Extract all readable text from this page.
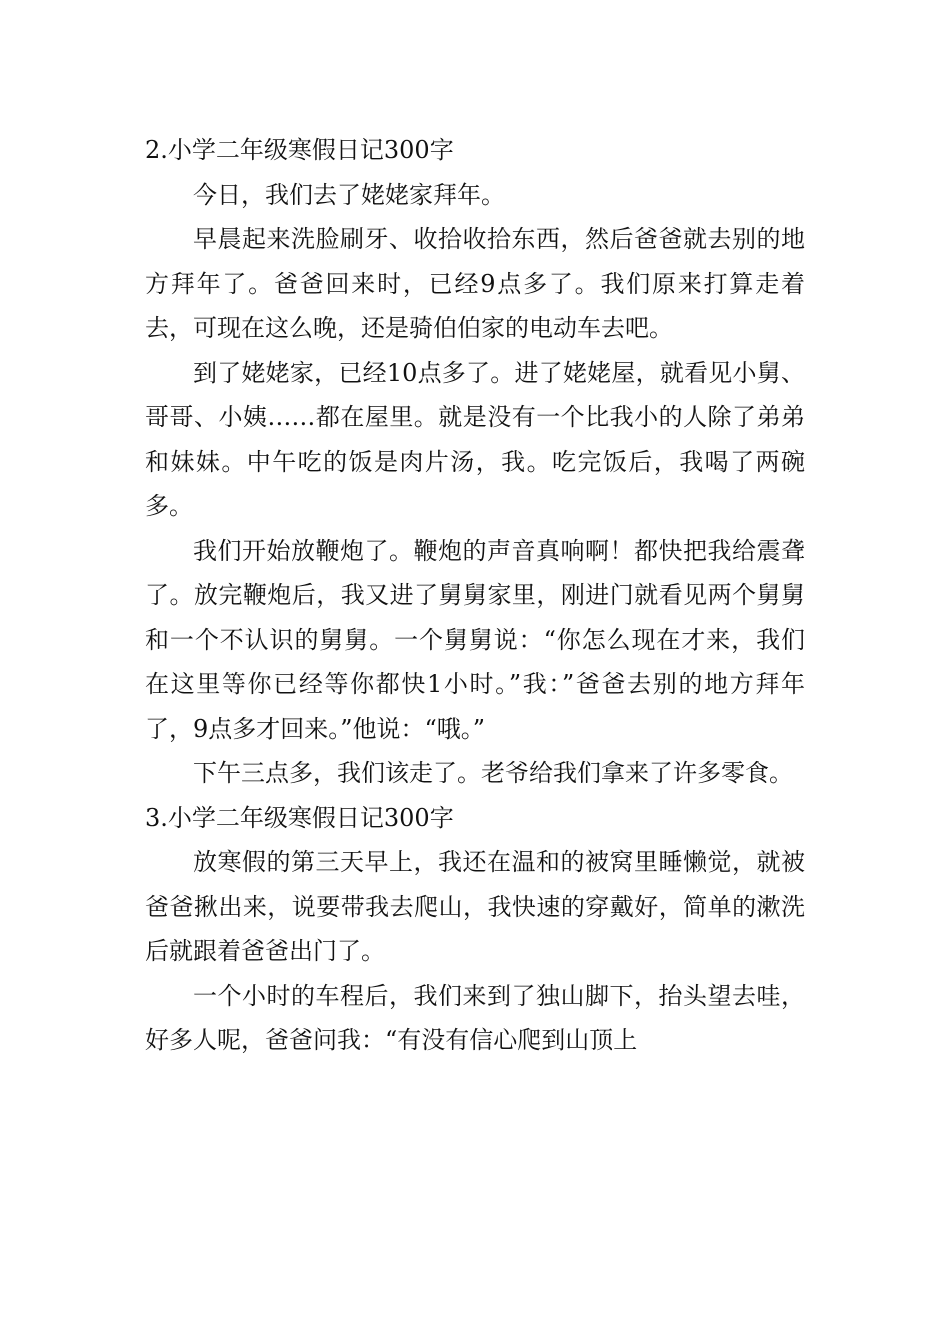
2.小学二年级寒假日记300字

今日，我们去了姥姥家拜年。

早晨起来洗脸刷牙、收拾收拾东西，然后爸爸就去别的地方拜年了。爸爸回来时，已经9点多了。我们原来打算走着去，可现在这么晚，还是骑伯伯家的电动车去吧。

到了姥姥家，已经10点多了。进了姥姥屋，就看见小舅、哥哥、小姨……都在屋里。就是没有一个比我小的人除了弟弟和妹妹。中午吃的饭是肉片汤，我。吃完饭后，我喝了两碗多。

我们开始放鞭炮了。鞭炮的声音真响啊！都快把我给震聋了。放完鞭炮后，我又进了舅舅家里，刚进门就看见两个舅舅和一个不认识的舅舅。一个舅舅说：“你怎么现在才来，我们在这里等你已经等你都快1小时。”我：”爸爸去别的地方拜年了，9点多才回来。”他说：“哦。”

下午三点多，我们该走了。老爷给我们拿来了许多零食。

3.小学二年级寒假日记300字

放寒假的第三天早上，我还在温和的被窝里睡懒觉，就被爸爸揪出来，说要带我去爬山，我快速的穿戴好，简单的漱洗后就跟着爸爸出门了。

一个小时的车程后，我们来到了独山脚下，抬头望去哇，好多人呢，爸爸问我：“有没有信心爬到山顶上
